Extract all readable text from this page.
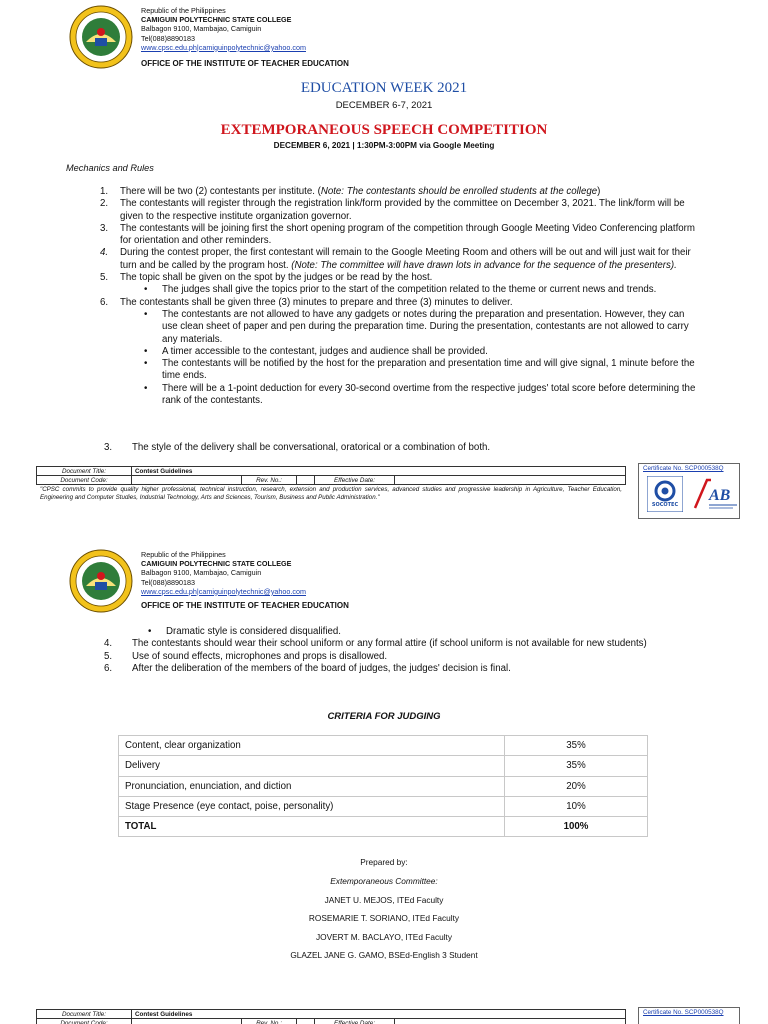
Republic of the Philippines
CAMIGUIN POLYTECHNIC STATE COLLEGE
Balbagon 9100, Mambajao, Camiguin
Tel(088)8890183
www.cpsc.edu.ph|camiguinpolytechnic@yahoo.com
OFFICE OF THE INSTITUTE OF TEACHER EDUCATION
EDUCATION WEEK 2021
DECEMBER 6-7, 2021
EXTEMPORANEOUS SPEECH COMPETITION
DECEMBER 6, 2021 | 1:30PM-3:00PM via Google Meeting
Mechanics and Rules
1.	There will be two (2) contestants per institute. (Note: The contestants should be enrolled students at the college)
2.	The contestants will register through the registration link/form provided by the committee on December 3, 2021. The link/form will be given to the respective institute organization governor.
3.	The contestants will be joining first the short opening program of the competition through Google Meeting Video Conferencing platform for orientation and other reminders.
4.	During the contest proper, the first contestant will remain to the Google Meeting Room and others will be out and will just wait for their turn and be called by the program host. (Note: The committee will have drawn lots in advance for the sequence of the presenters).
5.	The topic shall be given on the spot by the judges or be read by the host.
•	The judges shall give the topics prior to the start of the competition related to the theme or current news and trends.
6.	The contestants shall be given three (3) minutes to prepare and three (3) minutes to deliver.
•	The contestants are not allowed to have any gadgets or notes during the preparation and presentation. However, they can use clean sheet of paper and pen during the preparation time. During the presentation, contestants are not allowed to carry any materials.
•	A timer accessible to the contestant, judges and audience shall be provided.
•	The contestants will be notified by the host for the preparation and presentation time and will give signal, 1 minute before the time ends.
•	There will be a 1-point deduction for every 30-second overtime from the respective judges' total score before determining the rank of the contestants.
3. The style of the delivery shall be conversational, oratorical or a combination of both.
Document Title:	Contest Guidelines				
Document Code:		Rev. No.:		Effective Date:	
"CPSC commits to provide quality higher professional, technical instruction, research, extension and production services, advanced studies and progressive leadership in Agriculture, Teacher Education, Engineering and Computer Studies, Industrial Technology, Arts and Sciences, Tourism, Business and Public Administration."
Certificate No. SCP000538Q
SOCOTEC
AB
Republic of the Philippines
CAMIGUIN POLYTECHNIC STATE COLLEGE
Balbagon 9100, Mambajao, Camiguin
Tel(088)8890183
www.cpsc.edu.ph|camiguinpolytechnic@yahoo.com
OFFICE OF THE INSTITUTE OF TEACHER EDUCATION
•	Dramatic style is considered disqualified.
4.	The contestants should wear their school uniform or any formal attire (if school uniform is not available for new students)
5.	Use of sound effects, microphones and props is disallowed.
6.	After the deliberation of the members of the board of judges, the judges' decision is final.
CRITERIA FOR JUDGING
Content, clear organization	35%
Delivery	35%
Pronunciation, enunciation, and diction	20%
Stage Presence (eye contact, poise, personality)	10%
TOTAL	100%
Prepared by:
Extemporaneous Committee:
JANET U. MEJOS, ITEd Faculty
ROSEMARIE T. SORIANO, ITEd Faculty
JOVERT M. BACLAYO, ITEd Faculty
GLAZEL JANE G. GAMO, BSEd-English 3 Student
Document Title:	Contest Guidelines				
Document Code:		Rev. No.:		Effective Date:	
Certificate No. SCP000538Q
